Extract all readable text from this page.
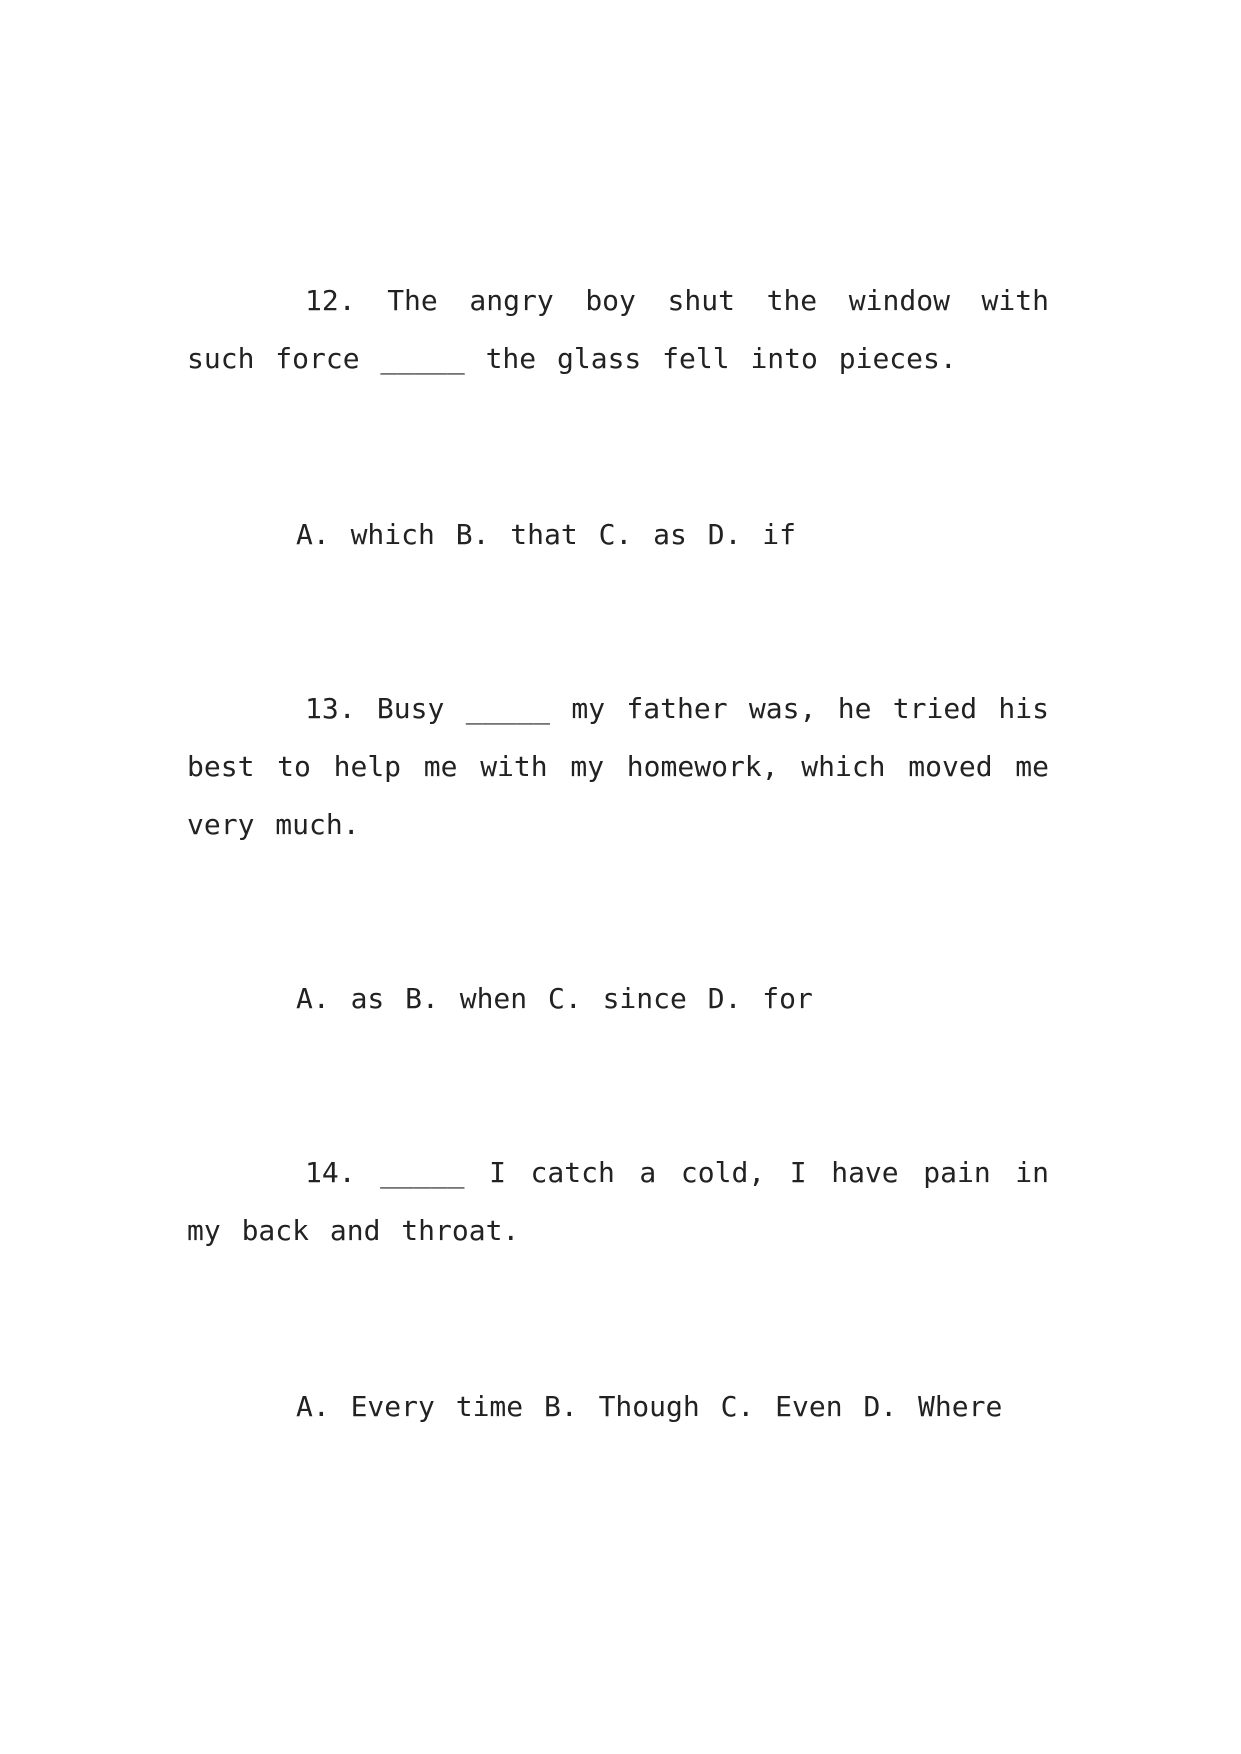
12. The angry boy shut the window with such force _____ the glass fell into pieces.

A. which B. that C. as D. if

13. Busy _____ my father was, he tried his best to help me with my homework, which moved me very much.

A. as B. when C. since D. for

14. _____ I catch a cold, I have pain in my back and throat.

A. Every time B. Though C. Even D. Where
